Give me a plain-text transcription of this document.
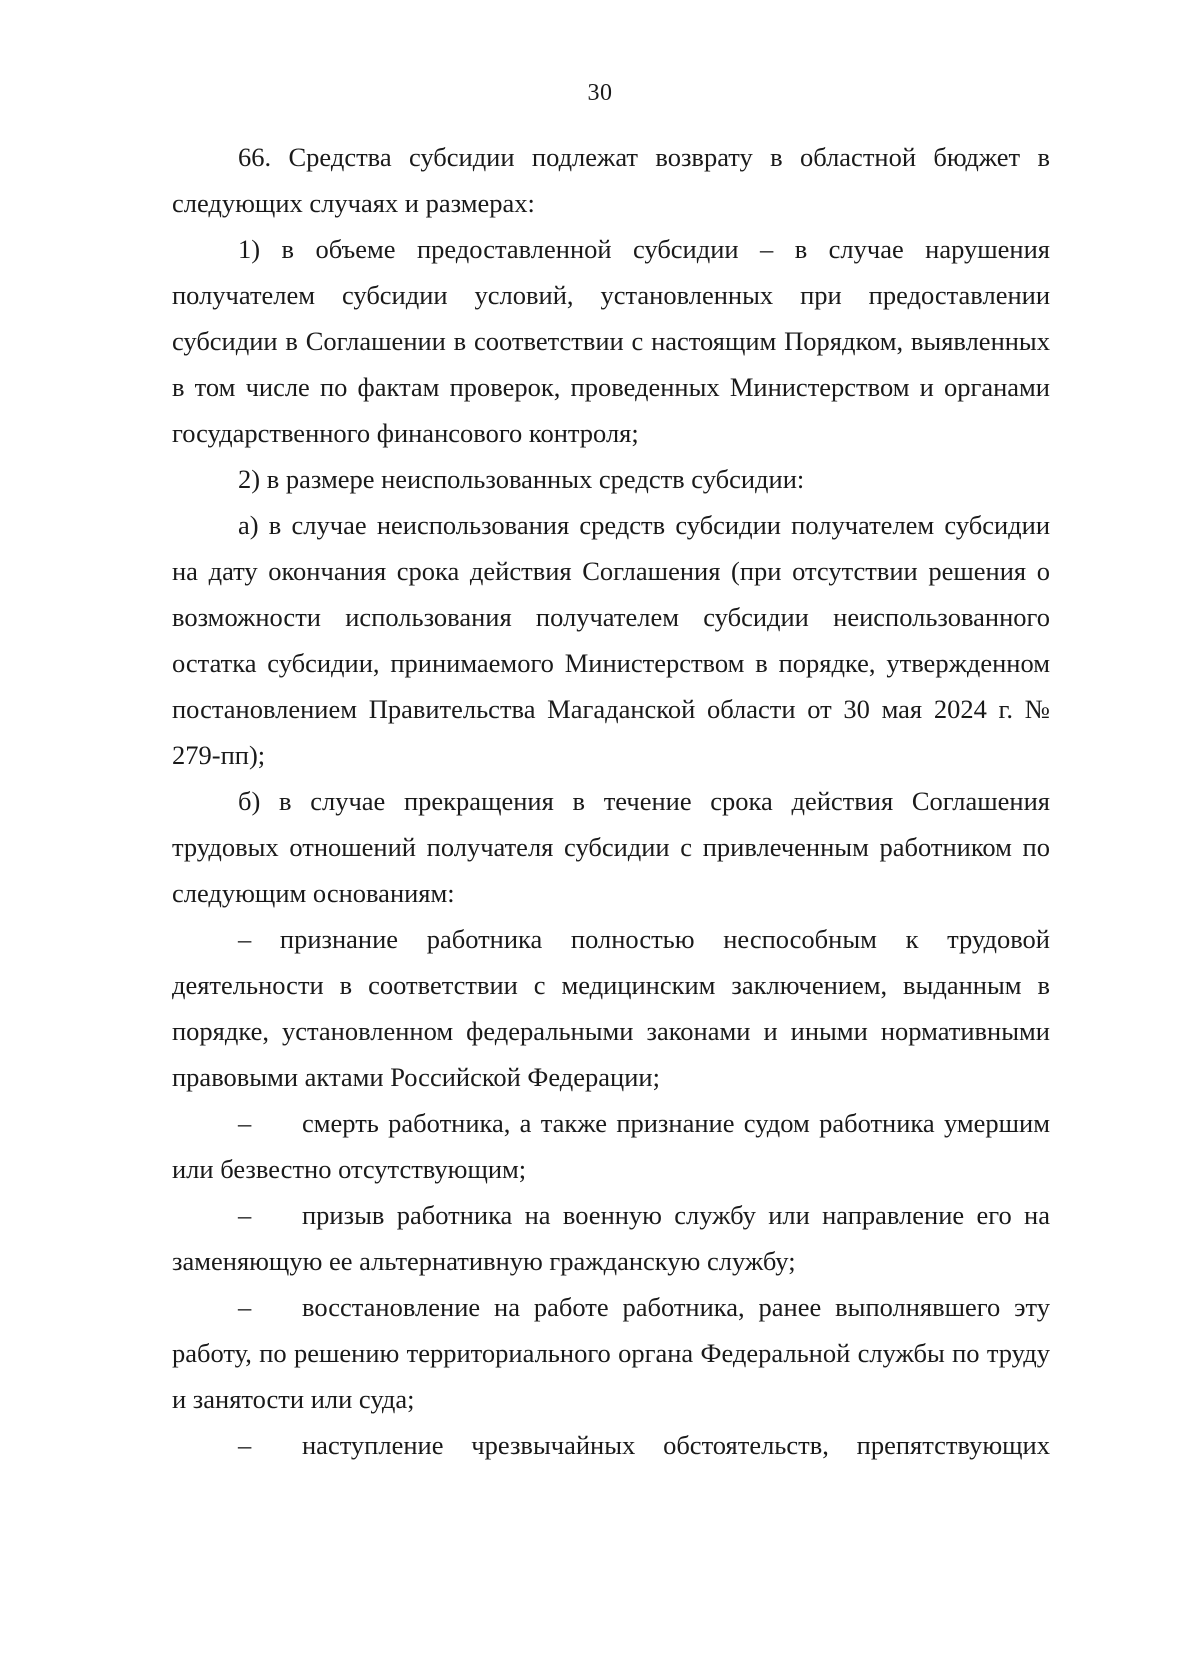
30

66. Средства субсидии подлежат возврату в областной бюджет в следующих случаях и размерах:

1) в объеме предоставленной субсидии – в случае нарушения получателем субсидии условий, установленных при предоставлении субсидии в Соглашении в соответствии с настоящим Порядком, выявленных в том числе по фактам проверок, проведенных Министерством и органами государственного финансового контроля;

2) в размере неиспользованных средств субсидии:

а) в случае неиспользования средств субсидии получателем субсидии на дату окончания срока действия Соглашения (при отсутствии решения о возможности использования получателем субсидии неиспользованного остатка субсидии, принимаемого Министерством в порядке, утвержденном постановлением Правительства Магаданской области от 30 мая 2024 г. № 279-пп);

б) в случае прекращения в течение срока действия Соглашения трудовых отношений получателя субсидии с привлеченным работником по следующим основаниям:

– признание работника полностью неспособным к трудовой деятельности в соответствии с медицинским заключением, выданным в порядке, установленном федеральными законами и иными нормативными правовыми актами Российской Федерации;

– смерть работника, а также признание судом работника умершим или безвестно отсутствующим;

– призыв работника на военную службу или направление его на заменяющую ее альтернативную гражданскую службу;

– восстановление на работе работника, ранее выполнявшего эту работу, по решению территориального органа Федеральной службы по труду и занятости или суда;

– наступление чрезвычайных обстоятельств, препятствующих
